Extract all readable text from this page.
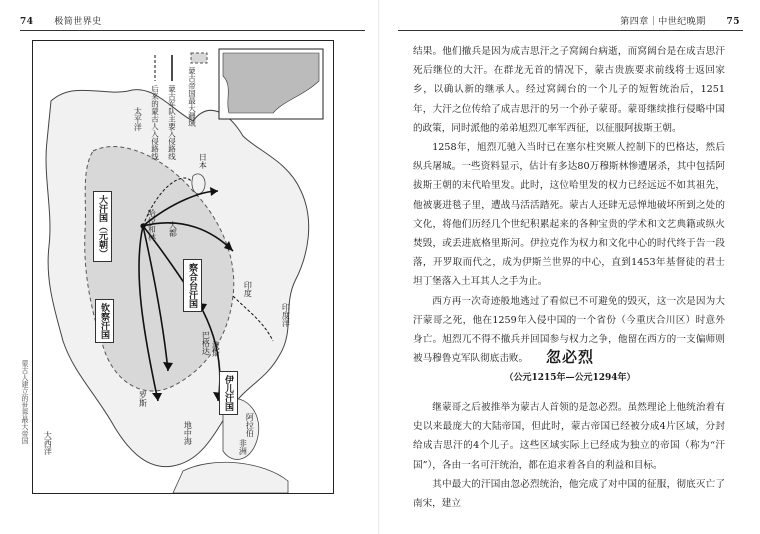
74 极简世界史
蒙古帝国最大疆域
蒙古军队主要入侵路线
后来的蒙古人入侵路线
大汗国（元朝）
察合台汗国
钦察汗国
伊儿汗国
太平洋
日本
哈拉和林 大都
印度
印度洋
巴格达 波斯
阿拉伯
非洲
大西洋	地中海
罗斯
蒙古人建立的世界最大帝国
第四章｜中世纪晚期 75

结果。他们撤兵是因为成吉思汗之子窝阔台病逝，而窝阔台是在成吉思汗死后继位的大汗。在群龙无首的情况下，蒙古贵族要求前线将士返回家乡，以确认新的继承人。经过窝阔台的一个儿子的短暂统治后，1251年，大汗之位传给了成吉思汗的另一个孙子蒙哥。蒙哥继续推行侵略中国的政策，同时派他的弟弟旭烈兀率军西征，以征服阿拔斯王朝。

1258年，旭烈兀驰入当时已在塞尔柱突厥人控制下的巴格达，然后纵兵屠城。一些资料显示，估计有多达80万穆斯林惨遭屠杀，其中包括阿拔斯王朝的末代哈里发。此时，这位哈里发的权力已经远远不如其祖先，他被裹进毯子里，遭战马活活踏死。蒙古人还肆无忌惮地破坏所到之处的文化，将他们历经几个世纪积累起来的各种宝贵的学术和文艺典籍或纵火焚毁，或丢进底格里斯河。伊拉克作为权力和文化中心的时代终于告一段落，开罗取而代之，成为伊斯兰世界的中心，直到1453年基督徒的君士坦丁堡落入土耳其人之手为止。

西方再一次奇迹般地逃过了看似已不可避免的毁灭，这一次是因为大汗蒙哥之死，他在1259年入侵中国的一个省份（今重庆合川区）时意外身亡。旭烈兀不得不撤兵并回国参与权力之争，他留在西方的一支偏师则被马穆鲁克军队彻底击败。	忽必烈
（公元1215年—公元1294年）

继蒙哥之后被推举为蒙古人首领的是忽必烈。虽然理论上他统治着有史以来最庞大的大陆帝国，但此时，蒙古帝国已经被分成4片区域，分封给成吉思汗的4个儿子。这些区域实际上已经成为独立的帝国（称为“汗国”），各由一名可汗统治，都在追求着各自的利益和目标。

其中最大的汗国由忽必烈统治，他完成了对中国的征服，彻底灭亡了南宋，建立
